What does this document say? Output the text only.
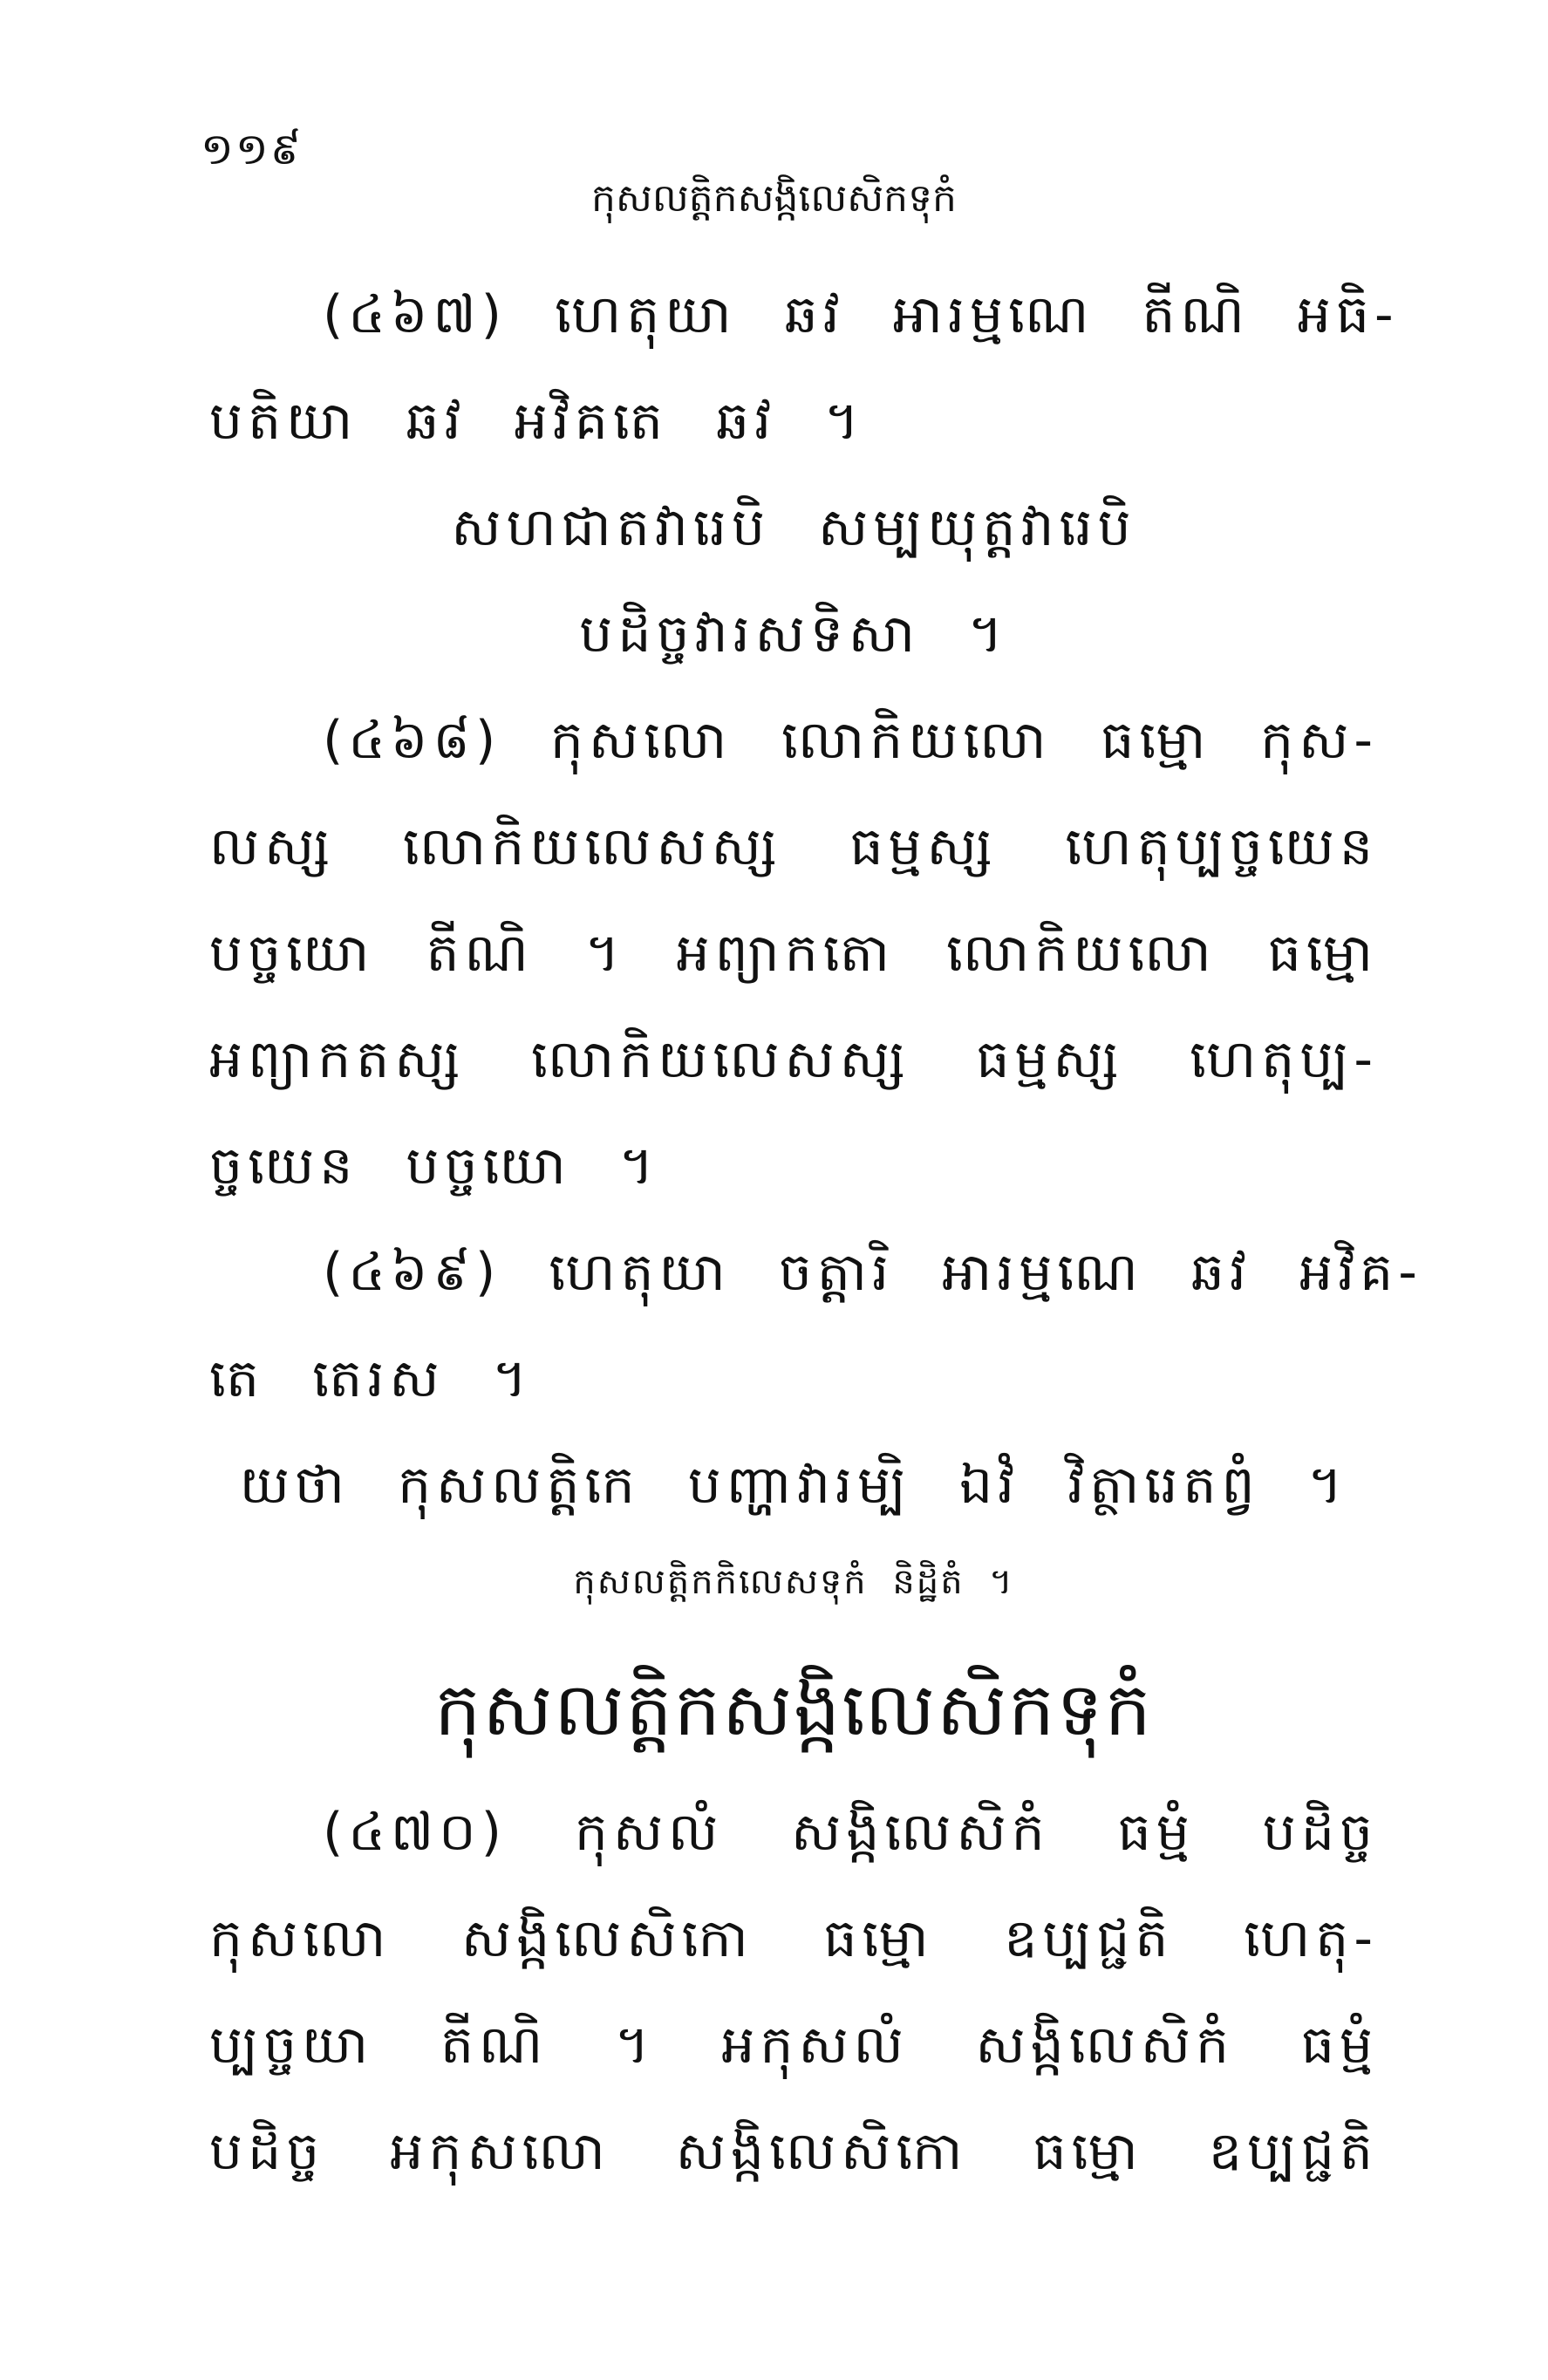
១១៩
កុសលត្តិកសង្កិលេសិកទុកំ
(៤៦៧) ហេតុយា ឆវ ​អារម្មណេ តីណិ អធិ-
បតិយា ឆវ អវិគតេ ឆវ ។
សហជាតវារេបិ សម្បយុត្តវារេបិ
បដិច្ចវារសទិសា ។
(៤៦៨) កុសលោ លោកិយលោ ធម្មោ កុស-
លស្ស លោកិយលេសស្ស ធម្មស្ស ហេតុប្បច្ចយេន
បច្ចយោ តីណិ ។ អព្យាកតោ លោកិយលោ ធម្មោ
អព្យាកតស្ស លោកិយលេសស្ស ធម្មស្ស ហេតុប្ប-
ច្ចយេន បច្ចយោ ។
(៤៦៩) ហេតុយា ចត្តារិ អារម្មណេ ឆវ អវិគ-
តេ តេរស ។
យថា កុសលត្តិកេ បញ្ហាវារម្បិ ឯវំ វិត្ថារេតព្វំ ។
កុសលត្តិកកិលេសទុកំ និដ្ឋិតំ ។
កុសលត្តិកសង្កិលេសិកទុកំ
(៤៧០) កុសលំ សង្កិលេសិកំ ធម្មំ បដិច្ច
កុសលោ សង្កិលេសិកោ ធម្មោ ឧប្បជ្ជតិ ហេតុ-
ប្បច្ចយា តីណិ ។ អកុសលំ សង្កិលេសិកំ ធម្មំ
បដិច្ច អកុសលោ សង្កិលេសិកោ ធម្មោ ឧប្បជ្ជតិ
